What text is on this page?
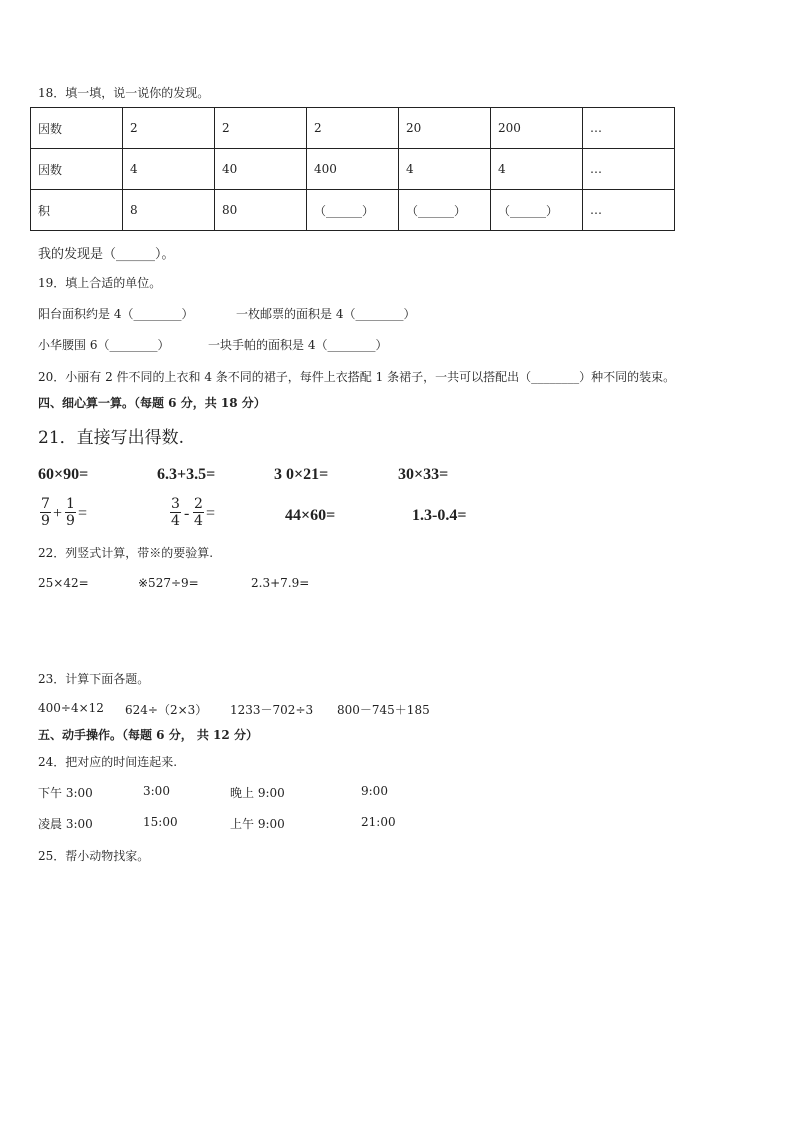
18．填一填，说一说你的发现。
因数	2	2	2	20	200	…
因数	4	40	400	4	4	…
积	8	80	（______）	（______）	（______）	…
我的发现是（______）。
19．填上合适的单位。
阳台面积约是 4（________）	一枚邮票的面积是 4（________）
小华腰围 6（________）	一块手帕的面积是 4（________）
20．小丽有 2 件不同的上衣和 4 条不同的裙子，每件上衣搭配 1 条裙子，一共可以搭配出（________）种不同的装束。
四、细心算一算。（每题 6 分，共 18 分）
21．直接写出得数.
60×90=	6.3+3.5=	3 0×21=	30×33=
$\frac{7}{9} + \frac{1}{9}$ =	$\frac{3}{4} - \frac{2}{4}$ =	44×60=	1.3-0.4=
22．列竖式计算，带※的要验算.
25×42=	※527÷9=	2.3+7.9=
23．计算下面各题。
400÷4×12 624÷（2×3） 1233－702÷3 800－745＋185
五、动手操作。（每题 6 分， 共 12 分）
24．把对应的时间连起来.
下午 3:00	3:00	晚上 9:00	9:00
凌晨 3:00	15:00	上午 9:00	21:00
25．帮小动物找家。
